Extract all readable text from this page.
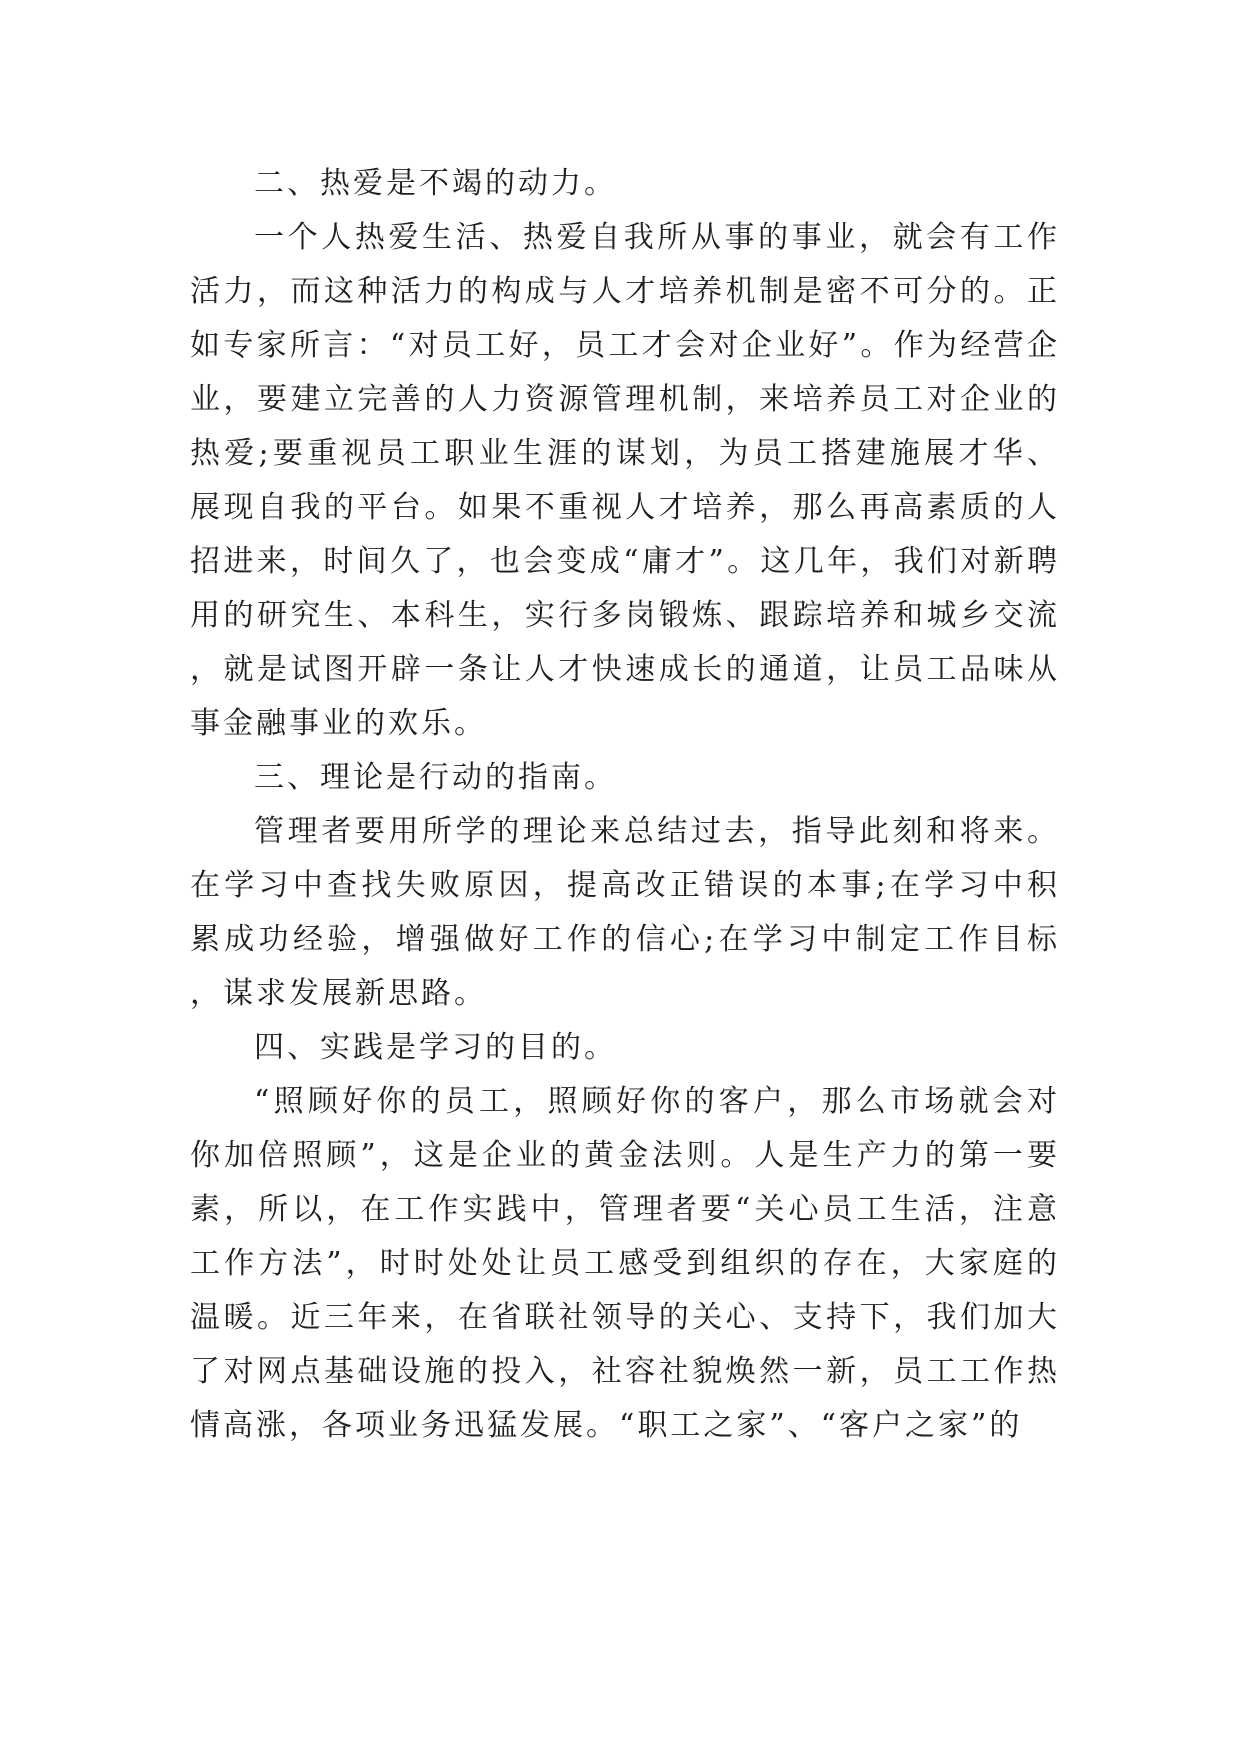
二、热爱是不竭的动力。

一个人热爱生活、热爱自我所从事的事业，就会有工作活力，而这种活力的构成与人才培养机制是密不可分的。正如专家所言：“对员工好，员工才会对企业好”。作为经营企业，要建立完善的人力资源管理机制，来培养员工对企业的热爱;要重视员工职业生涯的谋划，为员工搭建施展才华、展现自我的平台。如果不重视人才培养，那么再高素质的人招进来，时间久了，也会变成“庸才”。这几年，我们对新聘用的研究生、本科生，实行多岗锻炼、跟踪培养和城乡交流，就是试图开辟一条让人才快速成长的通道，让员工品味从事金融事业的欢乐。

三、理论是行动的指南。

管理者要用所学的理论来总结过去，指导此刻和将来。在学习中查找失败原因，提高改正错误的本事;在学习中积累成功经验，增强做好工作的信心;在学习中制定工作目标，谋求发展新思路。

四、实践是学习的目的。

“照顾好你的员工，照顾好你的客户，那么市场就会对你加倍照顾”，这是企业的黄金法则。人是生产力的第一要素，所以，在工作实践中，管理者要“关心员工生活，注意工作方法”，时时处处让员工感受到组织的存在，大家庭的温暖。近三年来，在省联社领导的关心、支持下，我们加大了对网点基础设施的投入，社容社貌焕然一新，员工工作热情高涨，各项业务迅猛发展。“职工之家”、“客户之家”的
